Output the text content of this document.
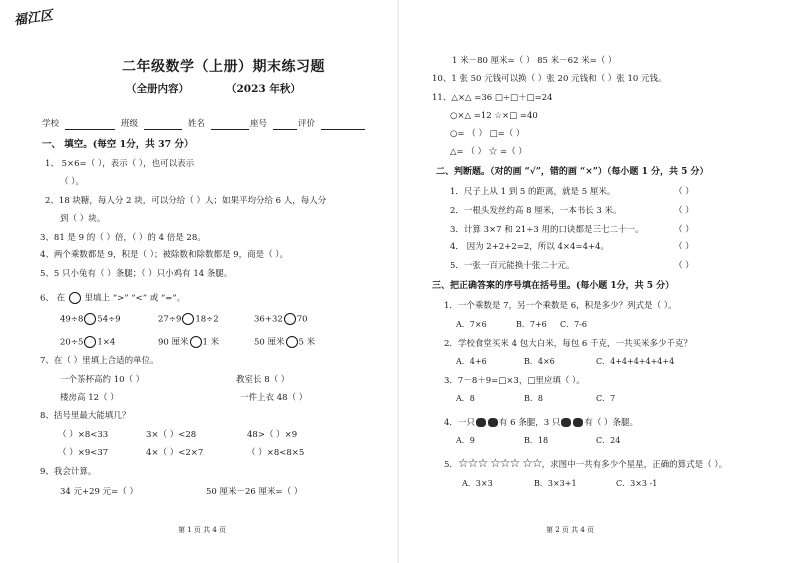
福江区
二年级数学（上册）期末练习题
（全册内容）	（2023 年秋）
学校	班级	姓名	座号	评价
一、 填空。(每空 1分，共 37 分）
1、 5×6=（ ），表示（ ），也可以表示
（ ）。
2、18 块糖，每人分 2 块，可以分给（ ）人；如果平均分给 6 人，每人分
到（ ）块。
3、81 是 9 的（ ）倍，（ ）的 4 倍是 28。
4、两个乘数都是 9，积是（ ）；被除数和除数都是 9，商是（ ）。
5、5 只小兔有（ ）条腿；（ ）只小鸡有 14 条腿。
6、 在 里填上 “>” “<” 或 “=”。
49÷8 54÷9	27÷9 18÷2	36+32 70
20÷5 1×4	90 厘米 1 米	50 厘米 5 米
7、在（ ）里填上合适的单位。
一个茶杯高约 10（ ）	教室长 8（ ）
楼房高 12（ ）	一件上衣 48（ ）
8、括号里最大能填几？
（ ）×8<33	3×（ ）<28	48>（ ）×9
（ ）×9<37	4×（ ）<2×7	（ ）×8<8×5
9、我会计算。
34 元+29 元=（ ）	50 厘米－26 厘米=（ ）
第 1 页 共 4 页
1 米－80 厘米=（ ） 85 米－62 米=（ ）
10、1 张 50 元钱可以换（ ）张 20 元钱和（ ）张 10 元钱。
11、△×△ =36 □÷□＋□=24
○×△ =12 ☆×□ =40
○= （ ） □=（ ）
△= （ ） ☆ =（ ）
二、判断题。（对的画 “√”，错的画 “×”）（每小题 1 分，共 5 分）
1．尺子上从 1 到 5 的距离，就是 5 厘米。	（ ）
2．一根头发丝约高 8 厘米，一本书长 3 米。	（ ）
3．计算 3×7 和 21÷3 用的口诀都是三七二十一。	（ ）
4． 因为 2+2+2=2，所以 4×4=4+4。	（ ）
5．一张一百元能换十张二十元。	（ ）
三、把正确答案的序号填在括号里。(每小题 1分，共 5 分）
1．一个乘数是 7，另一个乘数是 6，积是多少？列式是（ ）。
A．7×6	B．7+6 C．7-6
2．学校食堂买米 4 包大白米，每包 6 千克，一共买米多少千克？
A．4+6	B．4×6	C．4+4+4+4+4+4
3．7－8＋9=□×3，□里应填（ ）。
A．8	B．8	C．7
4．一只	有 6 条腿，3 只	有（ ）条腿。
A．9	B．18	C．24
5．☆☆☆ ☆☆☆ ☆☆，求图中一共有多少个星星，正确的算式是（ ）。
A．3×3	B．3×3+1	C．3×3 -1
第 2 页 共 4 页
